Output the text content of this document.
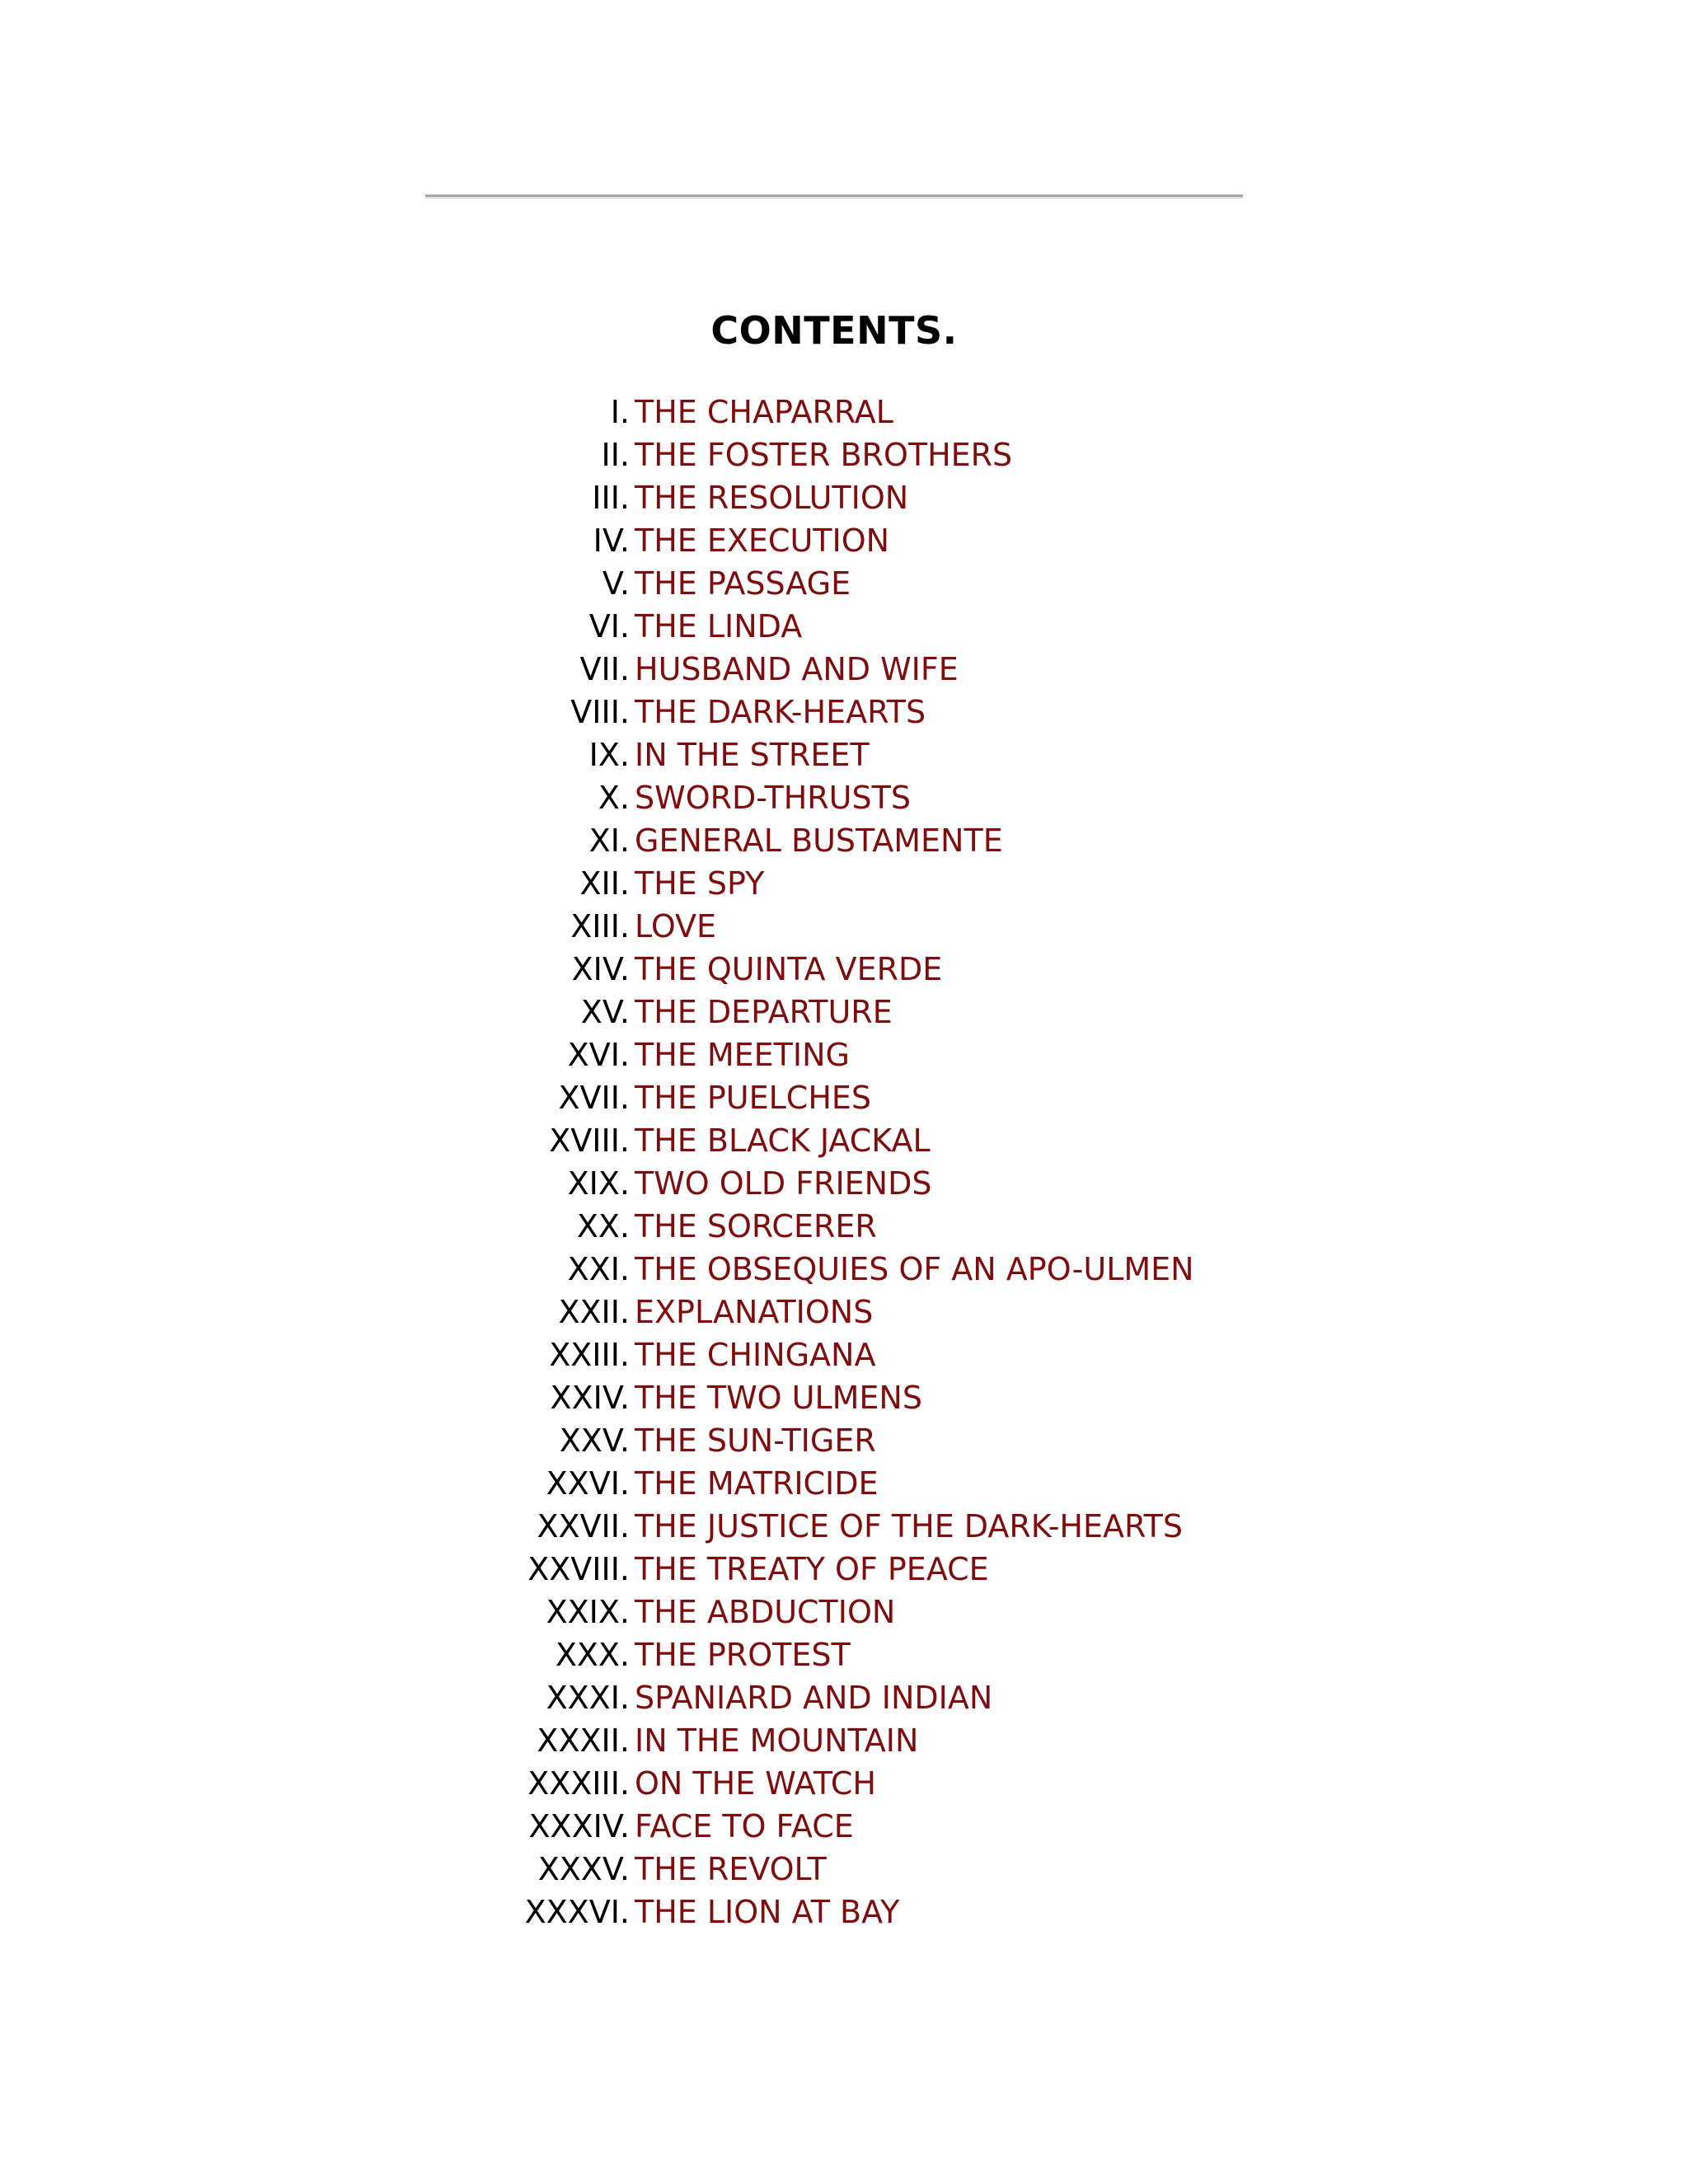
CONTENTS.
I. THE CHAPARRAL
II. THE FOSTER BROTHERS
III. THE RESOLUTION
IV. THE EXECUTION
V. THE PASSAGE
VI. THE LINDA
VII. HUSBAND AND WIFE
VIII. THE DARK-HEARTS
IX. IN THE STREET
X. SWORD-THRUSTS
XI. GENERAL BUSTAMENTE
XII. THE SPY
XIII. LOVE
XIV. THE QUINTA VERDE
XV. THE DEPARTURE
XVI. THE MEETING
XVII. THE PUELCHES
XVIII. THE BLACK JACKAL
XIX. TWO OLD FRIENDS
XX. THE SORCERER
XXI. THE OBSEQUIES OF AN APO-ULMEN
XXII. EXPLANATIONS
XXIII. THE CHINGANA
XXIV. THE TWO ULMENS
XXV. THE SUN-TIGER
XXVI. THE MATRICIDE
XXVII. THE JUSTICE OF THE DARK-HEARTS
XXVIII. THE TREATY OF PEACE
XXIX. THE ABDUCTION
XXX. THE PROTEST
XXXI. SPANIARD AND INDIAN
XXXII. IN THE MOUNTAIN
XXXIII. ON THE WATCH
XXXIV. FACE TO FACE
XXXV. THE REVOLT
XXXVI. THE LION AT BAY
